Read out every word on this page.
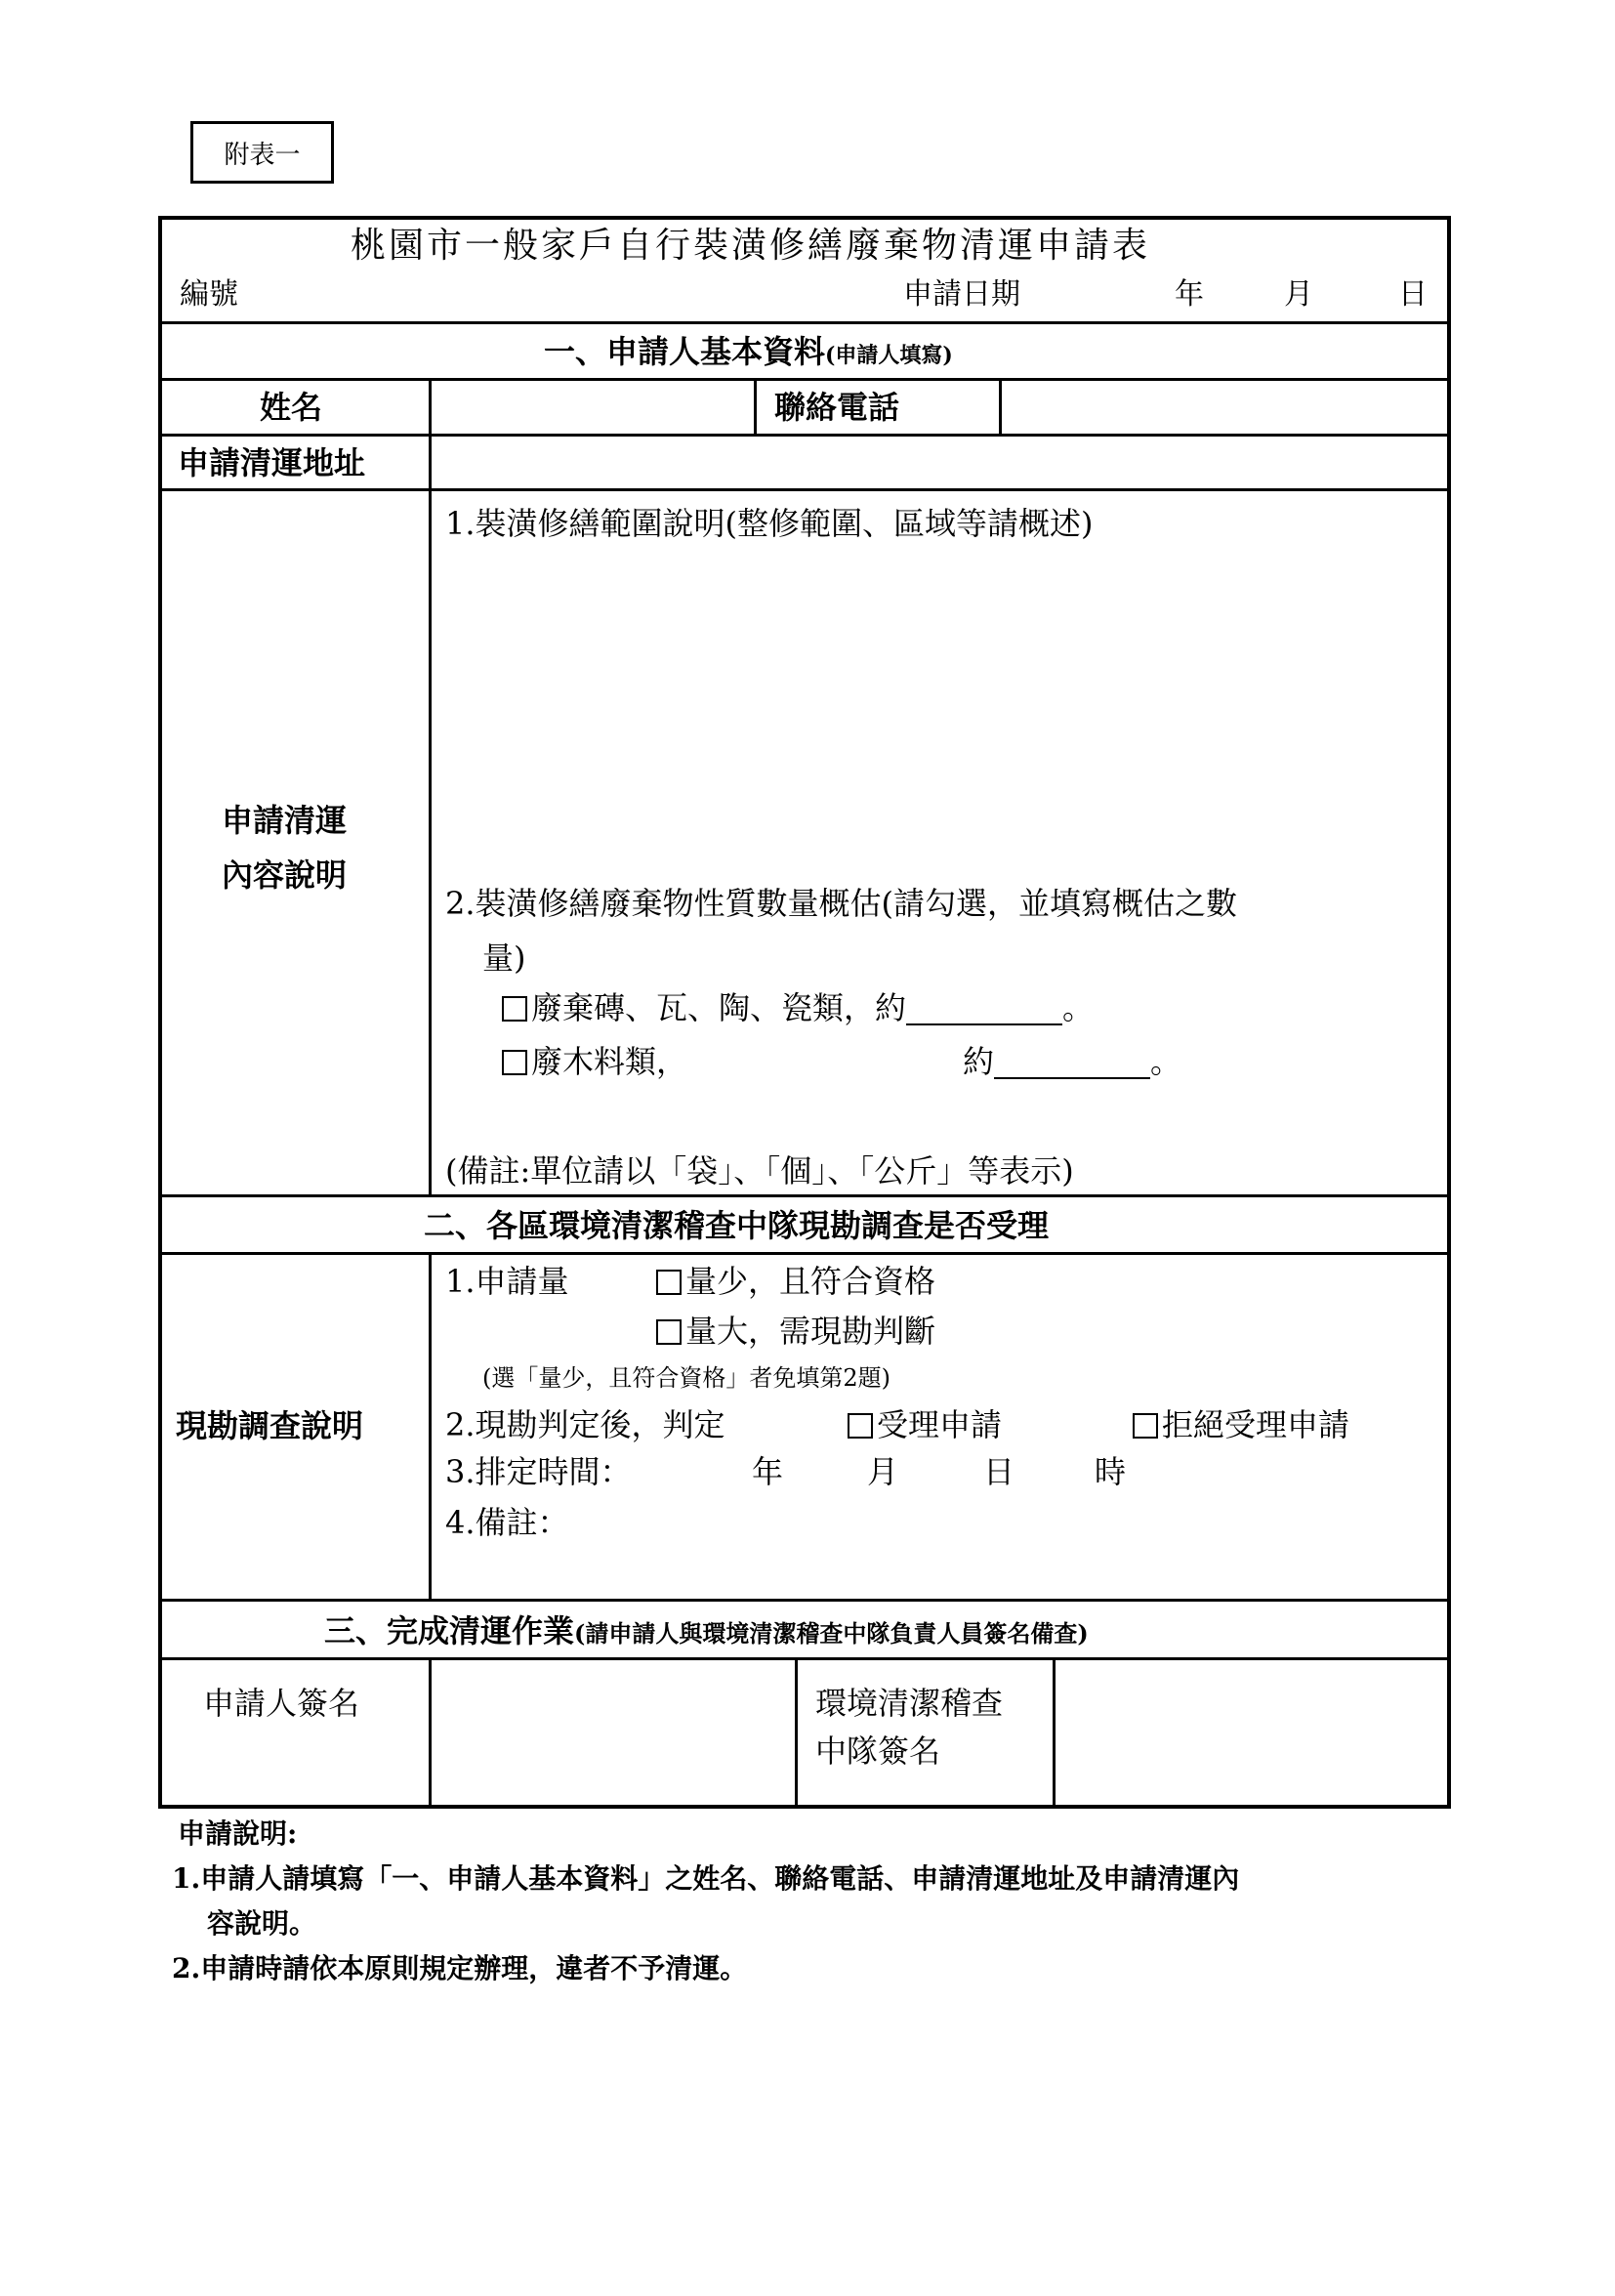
附表一
桃園市一般家戶自行裝潢修繕廢棄物清運申請表
編號	申請日期	年	月	日
一、申請人基本資料(申請人填寫)
姓名	聯絡電話
申請清運地址
申請清運
內容說明
1.裝潢修繕範圍說明(整修範圍、區域等請概述)
2.裝潢修繕廢棄物性質數量概估(請勾選，並填寫概估之數
量)
廢棄磚、瓦、陶、瓷類，約	。
廢木料類，	約	。
(備註:單位請以「袋」、「個」、「公斤」等表示)
二、各區環境清潔稽查中隊現勘調查是否受理
現勘調查說明
1.申請量	量少，且符合資格
量大，需現勘判斷
(選「量少，且符合資格」者免填第2題)
2.現勘判定後，判定	受理申請	拒絕受理申請
3.排定時間：	年	月	日	時
4.備註：
三、完成清運作業(請申請人與環境清潔稽查中隊負責人員簽名備查)
申請人簽名	環境清潔稽查
中隊簽名
申請說明:
1.申請人請填寫「一、申請人基本資料」之姓名、聯絡電話、申請清運地址及申請清運內
容說明。
2.申請時請依本原則規定辦理，違者不予清運。
